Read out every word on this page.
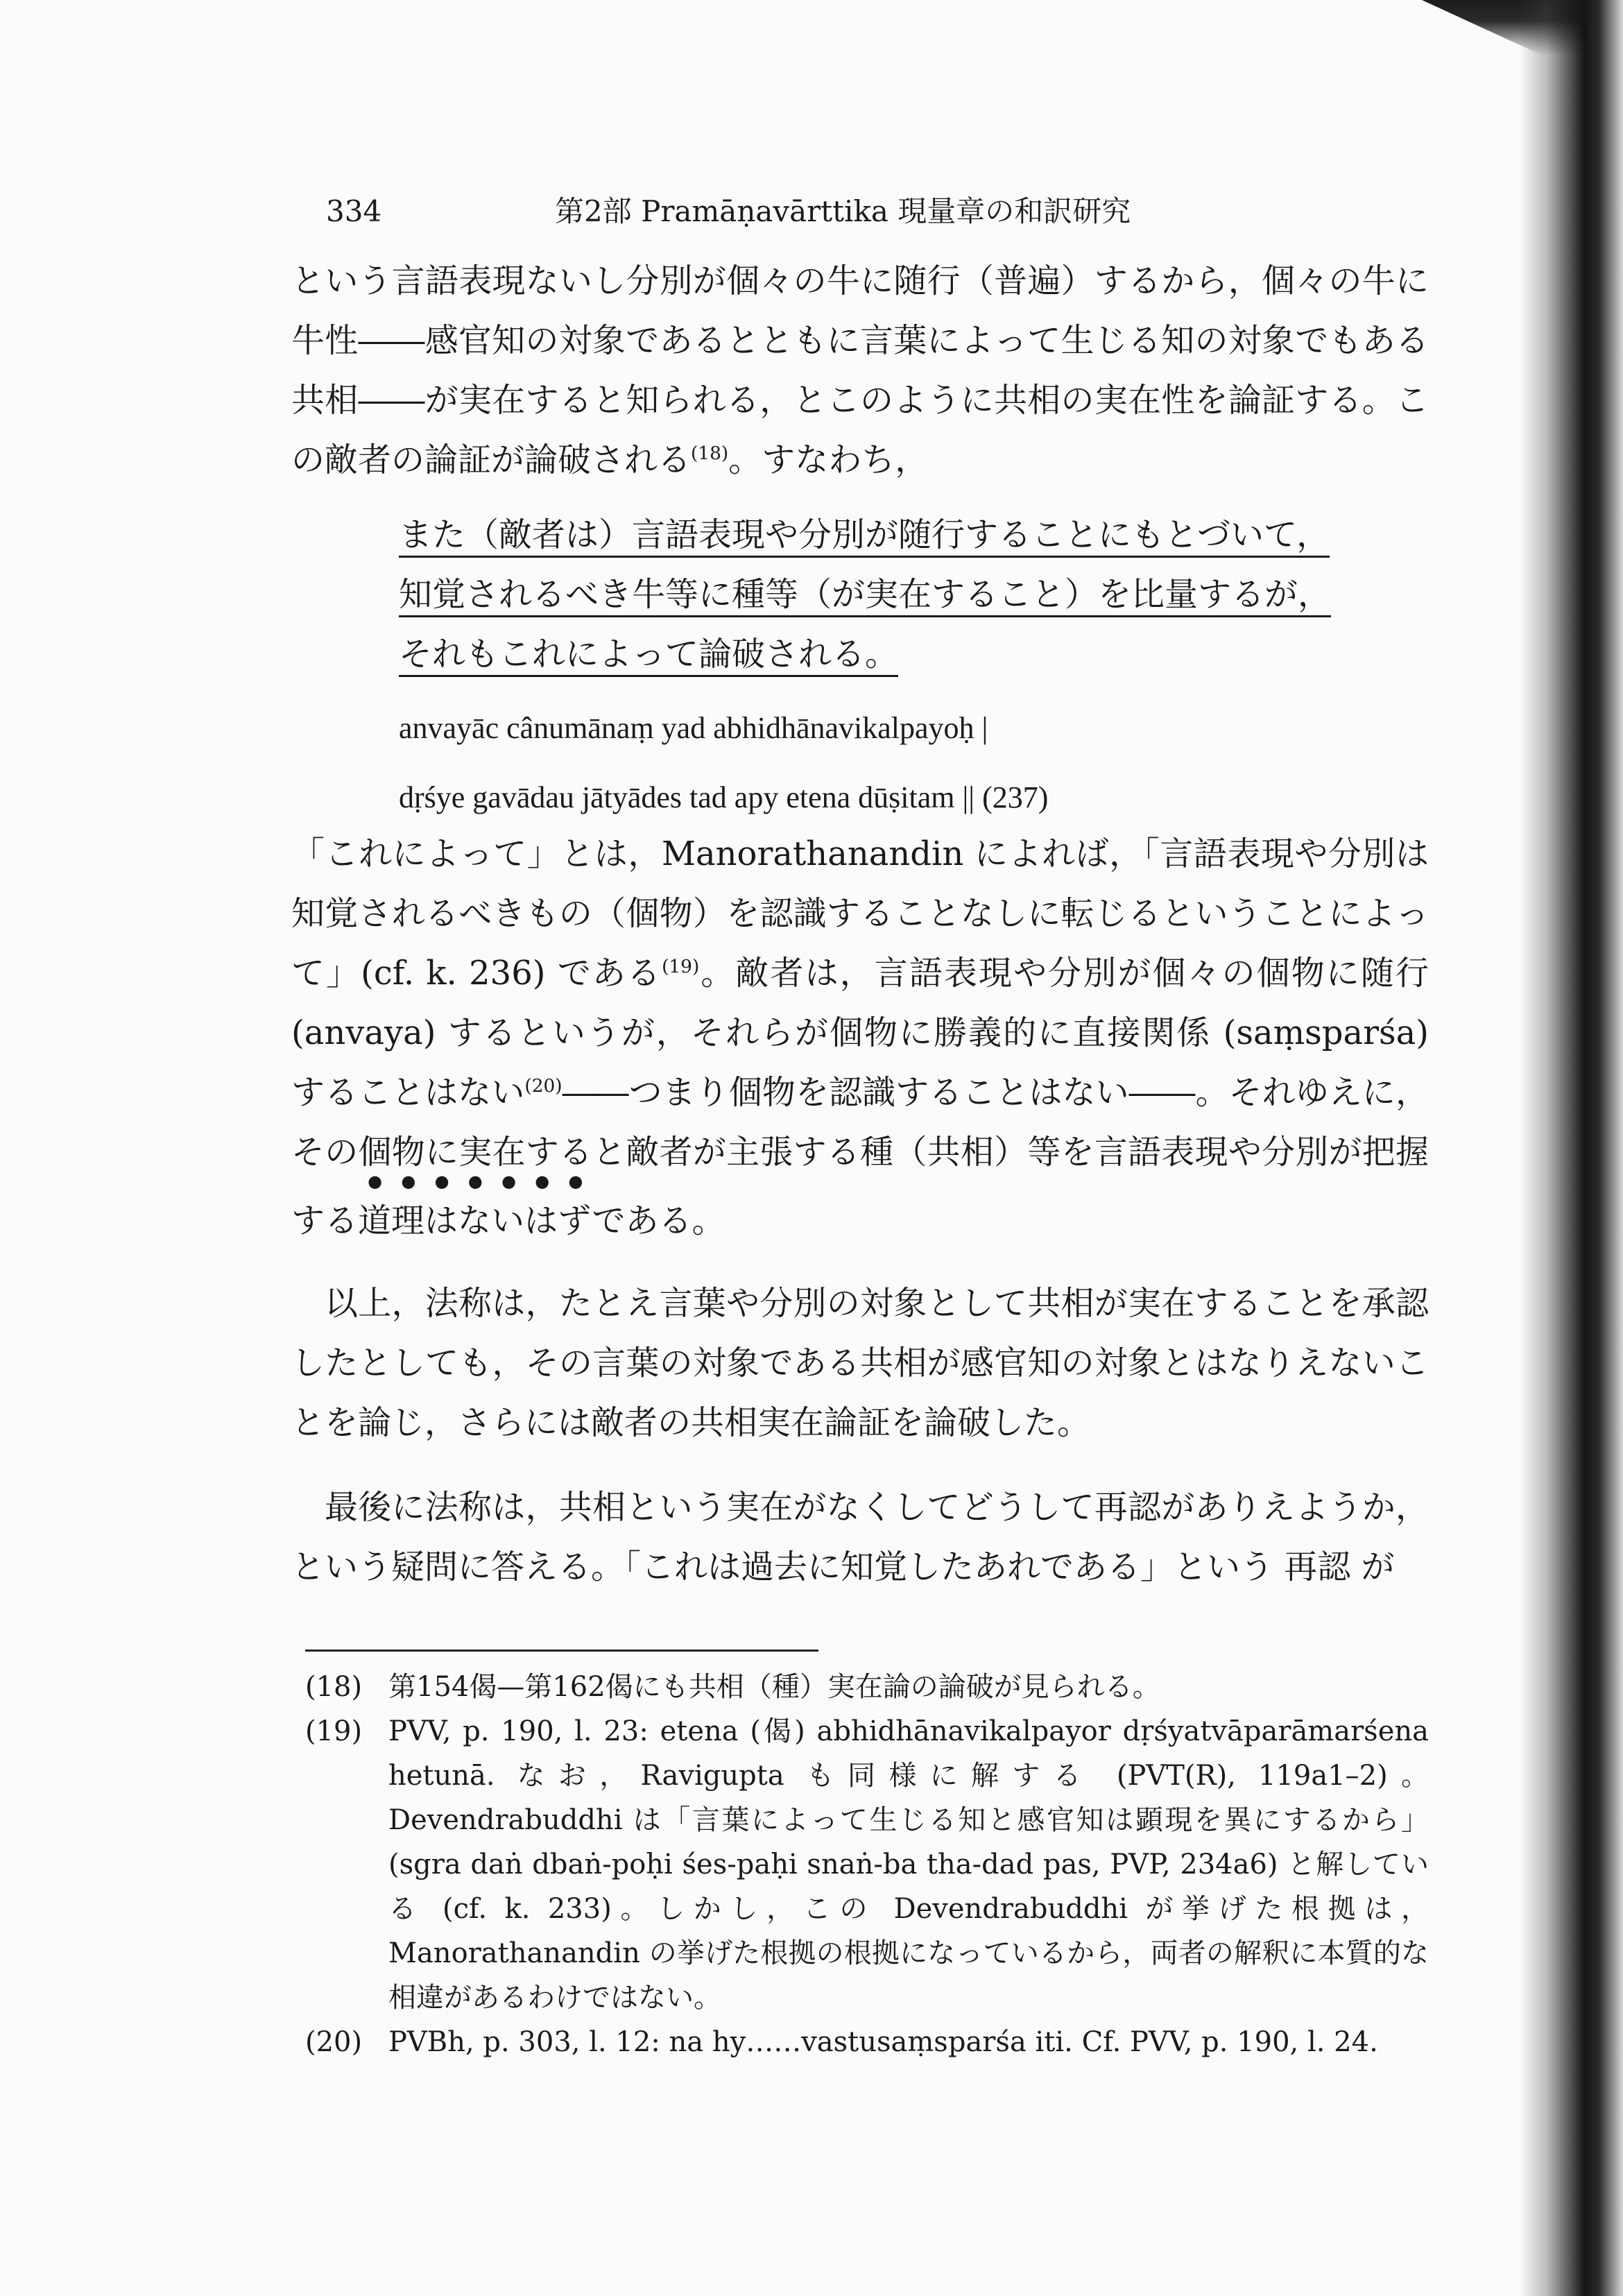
334	第2部 Pramāṇavārttika 現量章の和訳研究
という言語表現ないし分別が個々の牛に随行（普遍）するから，個々の牛に牛性――感官知の対象であるとともに言葉によって生じる知の対象でもある共相――が実在すると知られる，とこのように共相の実在性を論証する。この敵者の論証が論破される$^{(18)}$。すなわち，
また（敵者は）言語表現や分別が随行することにもとづいて，
知覚されるべき牛等に種等（が実在すること）を比量するが，
それもこれによって論破される。
anvayāc cânumānaṃ yad abhidhānavikalpayoḥ |
dṛśye gavādau jātyādes tad apy etena dūṣitam || (237)
「これによって」とは，Manorathanandin によれば，「言語表現や分別は知覚されるべきもの（個物）を認識することなしに転じるということによって」(cf. k. 236) である$^{(19)}$。敵者は，言語表現や分別が個々の個物に随行 (anvaya) するというが，それらが個物に勝義的に直接関係 (saṃsparśa) することはない$^{(20)}$――つまり個物を認識することはない――。それゆえに，その個物に実在すると敵者が主張する種（共相）等を言語表現や分別が把握する道理はないはずである。
以上，法称は，たとえ言葉や分別の対象として共相が実在することを承認したとしても，その言葉の対象である共相が感官知の対象とはなりえないことを論じ，さらには敵者の共相実在論証を論破した。
最後に法称は，共相という実在がなくしてどうして再認がありえようか，という疑問に答える。「これは過去に知覚したあれである」という 再認 が
(18) 第154偈—第162偈にも共相（種）実在論の論破が見られる。
(19) PVV, p. 190, l. 23: etena (偈) abhidhānavikalpayor dṛśyatvāparāmarśena hetunā. なお，Ravigupta も同様に解する (PVT(R), 119a1–2)。Devendrabuddhi は「言葉によって生じる知と感官知は顕現を異にするから」(sgra daṅ dbaṅ-poḥi śes-paḥi snaṅ-ba tha-dad pas, PVP, 234a6) と解している (cf. k. 233)。しかし，この Devendrabuddhi が挙げた根拠は，Manorathanandin の挙げた根拠の根拠になっているから，両者の解釈に本質的な相違があるわけではない。
(20) PVBh, p. 303, l. 12: na hy……vastusaṃsparśa iti. Cf. PVV, p. 190, l. 24.
